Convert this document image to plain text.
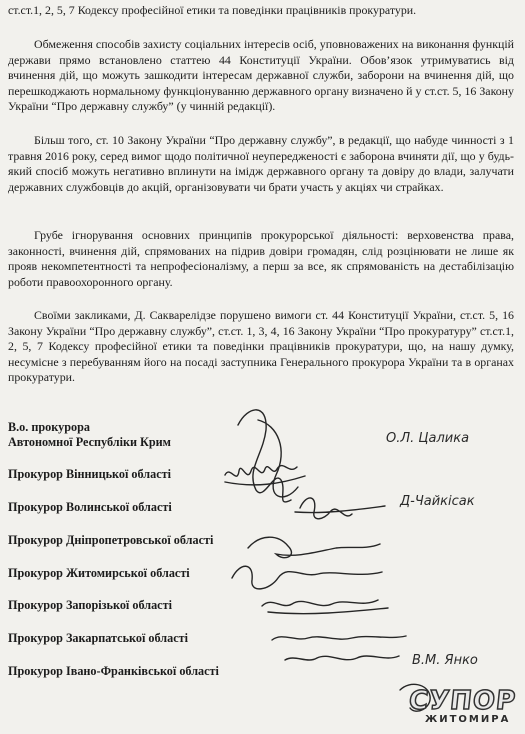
ст.ст.1, 2, 5, 7 Кодексу професійної етики та поведінки працівників прокуратури.

Обмеження способів захисту соціальних інтересів осіб, уповноважених на виконання функцій держави прямо встановлено статтею 44 Конституції України. Обов’язок утримуватись від вчинення дій, що можуть зашкодити інтересам державної служби, заборони на вчинення дій, що перешкоджають нормальному функціонуванню державного органу визначено й у ст.ст. 5, 16 Закону України “Про державну службу” (у чинній редакції).

Більш того, ст. 10 Закону України “Про державну службу”, в редакції, що набуде чинності з 1 травня 2016 року, серед вимог щодо політичної неупередженості є заборона вчиняти дії, що у будь-який спосіб можуть негативно вплинути на імідж державного органу та довіру до влади, залучати державних службовців до акцій, організовувати чи брати участь у акціях чи страйках.

Грубе ігнорування основних принципів прокурорської діяльності: верховенства права, законності, вчинення дій, спрямованих на підрив довіри громадян, слід розцінювати не лише як прояв некомпетентності та непрофесіоналізму, а перш за все, як спрямованість на дестабілізацію роботи правоохоронного органу.

Своїми закликами, Д. Сакварелідзе порушено вимоги ст. 44 Конституції України, ст.ст. 5, 16 Закону України “Про державну службу”, ст.ст. 1, 3, 4, 16 Закону України “Про прокуратуру” ст.ст.1, 2, 5, 7 Кодексу професійної етики та поведінки працівників прокуратури, що, на нашу думку, несумісне з перебуванням його на посаді заступника Генерального прокурора України та в органах прокуратури.

В.о. прокурора
Автономної Республіки Крим
Прокурор Вінницької області
Прокурор Волинської області
Прокурор Дніпропетровської області
Прокурор Житомирської області
Прокурор Запорізької області
Прокурор Закарпатської області
Прокурор Івано-Франківської області
О.Л. Цалика
Д-Чайкісак
В.М. Янко
СУПОР
ЖИТОМИРА
